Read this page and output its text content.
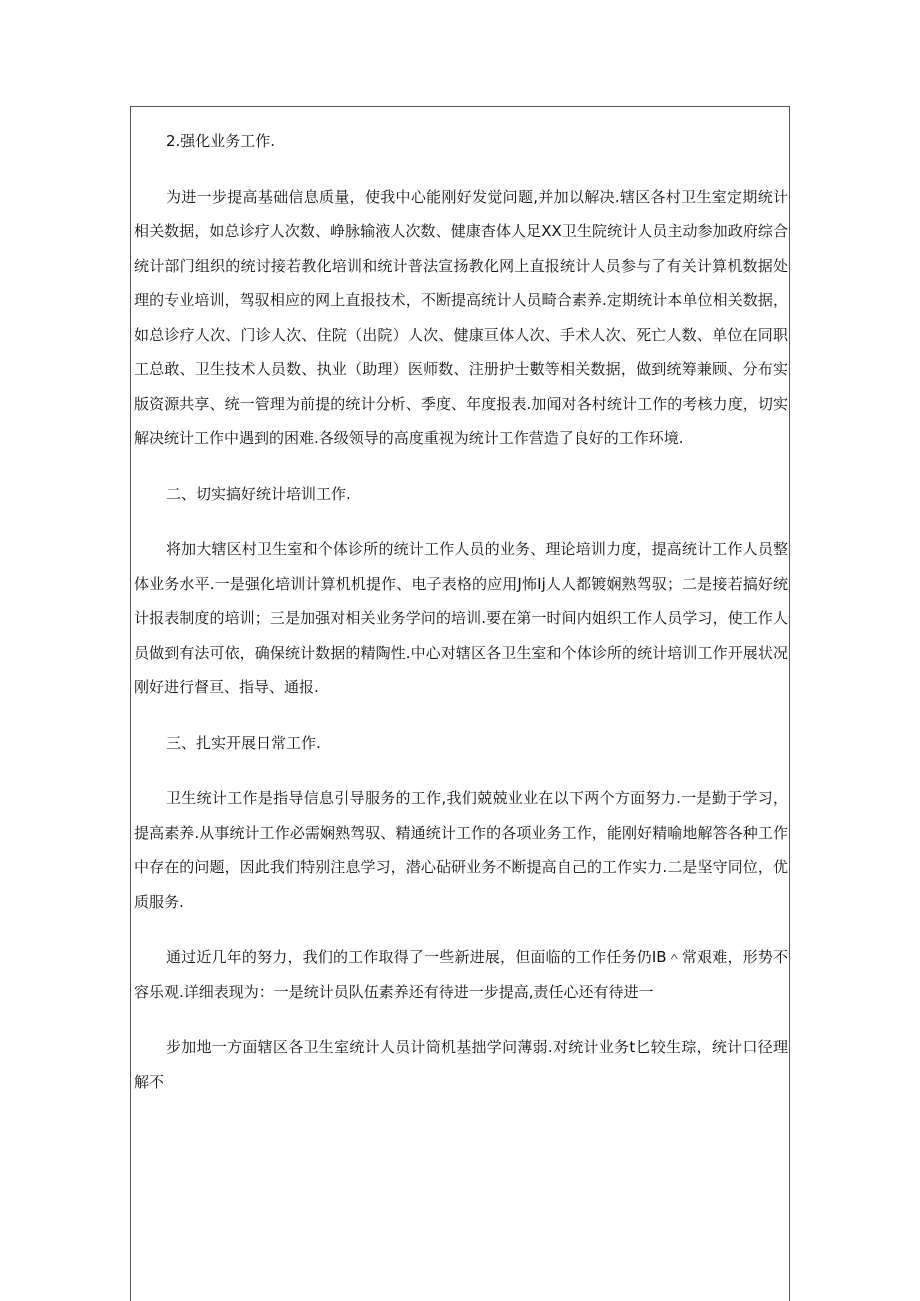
2.强化业务工作.

为进一步提高基础信息质量，使我中心能刚好发觉问题,并加以解决.辖区各村卫生室定期统计相关数据，如总诊疗人次数、峥脉输液人次数、健康杳体人足XX卫生院统计人员主动参加政府综合统计部门组织的统讨接若教化培训和统计普法宣扬教化网上直报统计人员参与了有关计算机数据处理的专业培训，驾驭相应的网上直报技术，不断提高统计人员畸合素养.定期统计本单位相关数据，如总诊疗人次、门诊人次、住院（出院）人次、健康亘体人次、手术人次、死亡人数、单位在同职工总敢、卫生技术人员数、执业（助理）医师数、注册护士數等相关数据，做到统筹兼顾、分布实版资源共享、统一管理为前提的统计分析、季度、年度报表.加闻对各村统计工作的考核力度，切实解决统计工作中遇到的困难.各级领导的高度重视为统计工作营造了良好的工作环境.

二、切实搞好统计培训工作.

将加大辖区村卫生室和个体诊所的统计工作人员的业务、理论培训力度，提高统计工作人员整体业务水平.一是强化培训计算机机提作、电子表格的应用J怖Ij人人都镀娴熟驾驭；二是接若搞好统计报表制度的培训；三是加强对相关业务学问的培训.要在第一时间内姐织工作人员学习，使工作人员做到有法可依，确保统计数据的精陶性.中心对辖区各卫生室和个体诊所的统计培训工作开展状况刚好进行督亘、指导、通报.

三、扎实开展日常工作.

卫生统计工作是指导信息引导服务的工作,我们兢兢业业在以下两个方面努力.一是勤于学习，提高素养.从事统计工作必需娴熟驾驭、精通统计工作的各项业务工作，能刚好精喻地解答各种工作中存在的问题，因此我们特别注息学习，潜心砧研业务不断提高自己的工作实力.二是坚守同位，优质服务.

通过近几年的努力，我们的工作取得了一些新进展，但面临的工作任务仍IB＾常艰难，形势不容乐观.详细表现为：一是统计员队伍素养还有待进一步提高,责任心还有待进一

步加地一方面辖区各卫生室统计人员计筒机基拙学问薄弱.对统计业务t匕较生琮，统计口径理解不
